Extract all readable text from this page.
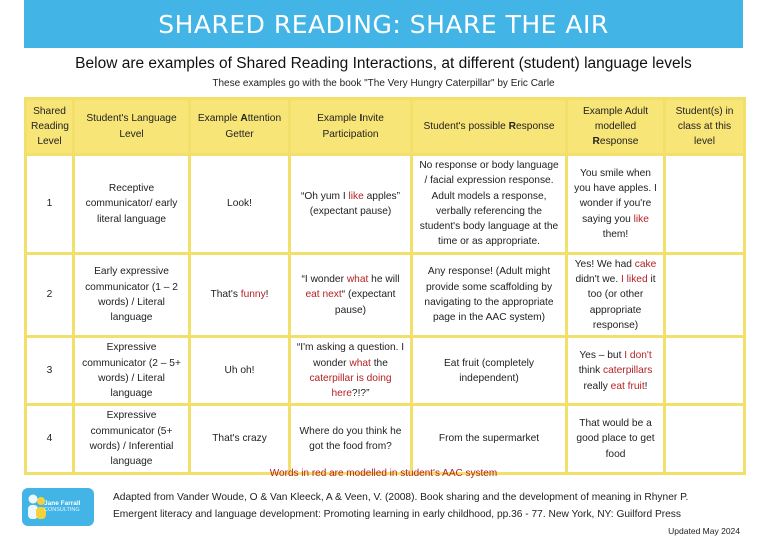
SHARED READING: SHARE THE AIR
Below are examples of Shared Reading Interactions, at different (student) language levels
These examples go with the book "The Very Hungry Caterpillar" by Eric Carle
Shared Reading Level	Student's Language Level	Example Attention Getter	Example Invite Participation	Student's possible Response	Example Adult modelled Response	Student(s) in class at this level
1	Receptive communicator/ early literal language	Look!	“Oh yum I like apples” (expectant pause)	No response or body language / facial expression response. Adult models a response, verbally referencing the student's body language at the time or as appropriate.	You smile when you have apples. I wonder if you're saying you like them!	
2	Early expressive communicator (1 – 2 words) / Literal language	That's funny!	“I wonder what he will eat next“ (expectant pause)	Any response! (Adult might provide some scaffolding by navigating to the appropriate page in the AAC system)	Yes! We had cake didn't we. I liked it too (or other appropriate response)	
3	Expressive communicator (2 – 5+ words) / Literal language	Uh oh!	“I'm asking a question. I wonder what the caterpillar is doing here?!?”	Eat fruit (completely independent)	Yes – but I don't think caterpillars really eat fruit!	
4	Expressive communicator (5+ words) / Inferential language	That's crazy	Where do you think he got the food from?	From the supermarket	That would be a good place to get food	
Words in red are modelled in student's AAC system
Jane Farrall
CONSULTING
Adapted from Vander Woude, O & Van Kleeck, A & Veen, V. (2008). Book sharing and the development of meaning in Rhyner P. Emergent literacy and language development: Promoting learning in early childhood, pp.36 - 77. New York, NY: Guilford Press
Updated May 2024
